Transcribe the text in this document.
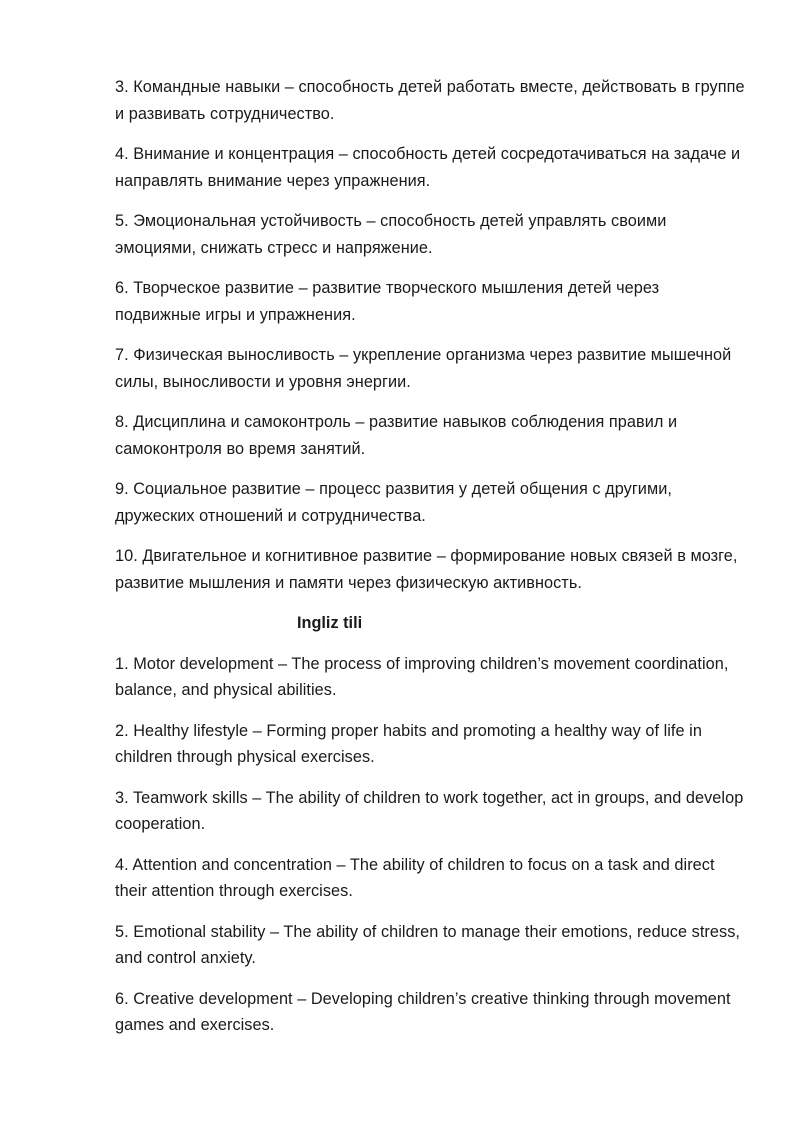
3. Командные навыки – способность детей работать вместе, действовать в группе и развивать сотрудничество.

4. Внимание и концентрация – способность детей сосредотачиваться на задаче и направлять внимание через упражнения.

5. Эмоциональная устойчивость – способность детей управлять своими эмоциями, снижать стресс и напряжение.

6. Творческое развитие – развитие творческого мышления детей через подвижные игры и упражнения.

7. Физическая выносливость – укрепление организма через развитие мышечной силы, выносливости и уровня энергии.

8. Дисциплина и самоконтроль – развитие навыков соблюдения правил и самоконтроля во время занятий.

9. Социальное развитие – процесс развития у детей общения с другими, дружеских отношений и сотрудничества.

10. Двигательное и когнитивное развитие – формирование новых связей в мозге, развитие мышления и памяти через физическую активность.

Ingliz tili

1. Motor development – The process of improving children’s movement coordination, balance, and physical abilities.

2. Healthy lifestyle – Forming proper habits and promoting a healthy way of life in children through physical exercises.

3. Teamwork skills – The ability of children to work together, act in groups, and develop cooperation.

4. Attention and concentration – The ability of children to focus on a task and direct their attention through exercises.

5. Emotional stability – The ability of children to manage their emotions, reduce stress, and control anxiety.

6. Creative development – Developing children’s creative thinking through movement games and exercises.
